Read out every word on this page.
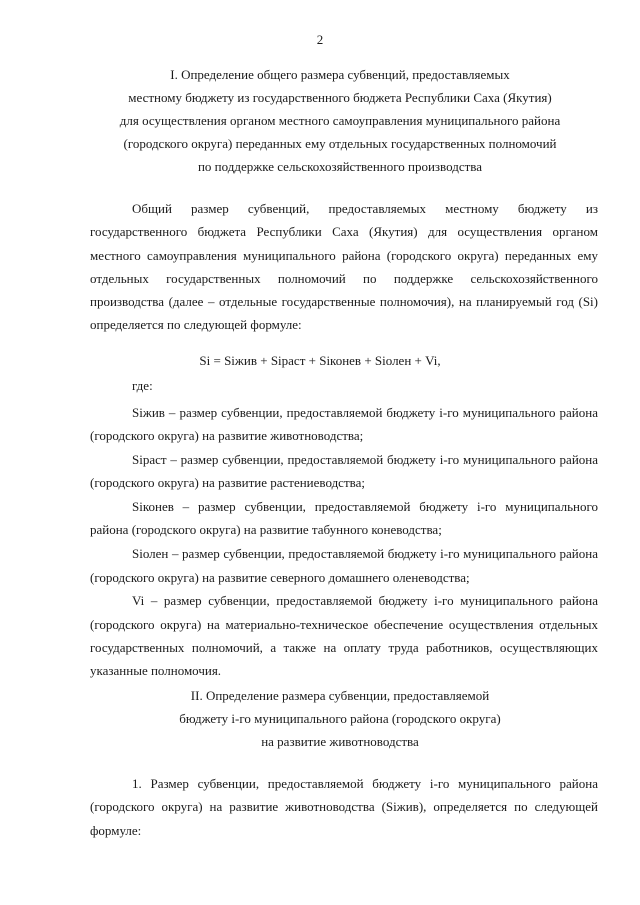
2
I. Определение общего размера субвенций, предоставляемых
местному бюджету из государственного бюджета Республики Саха (Якутия)
для осуществления органом местного самоуправления муниципального района
(городского округа) переданных ему отдельных государственных полномочий
по поддержке сельскохозяйственного производства

Общий размер субвенций, предоставляемых местному бюджету из государственного бюджета Республики Саха (Якутия) для осуществления органом местного самоуправления муниципального района (городского округа) переданных ему отдельных государственных полномочий по поддержке сельскохозяйственного производства (далее – отдельные государственные полномочия), на планируемый год (Si) определяется по следующей формуле:

Si = Siжив + Siраст + Siконев + Siолен + Vi,

где:

Siжив – размер субвенции, предоставляемой бюджету i-го муниципального района (городского округа) на развитие животноводства;

Siраст – размер субвенции, предоставляемой бюджету i-го муниципального района (городского округа) на развитие растениеводства;

Siконев – размер субвенции, предоставляемой бюджету i-го муниципального района (городского округа) на развитие табунного коневодства;

Siолен – размер субвенции, предоставляемой бюджету i-го муниципального района (городского округа) на развитие северного домашнего оленеводства;

Vi – размер субвенции, предоставляемой бюджету i-го муниципального района (городского округа) на материально-техническое обеспечение осуществления отдельных государственных полномочий, а также на оплату труда работников, осуществляющих указанные полномочия.

II. Определение размера субвенции, предоставляемой
бюджету i-го муниципального района (городского округа)
на развитие животноводства

1. Размер субвенции, предоставляемой бюджету i-го муниципального района (городского округа) на развитие животноводства (Siжив), определяется по следующей формуле:
